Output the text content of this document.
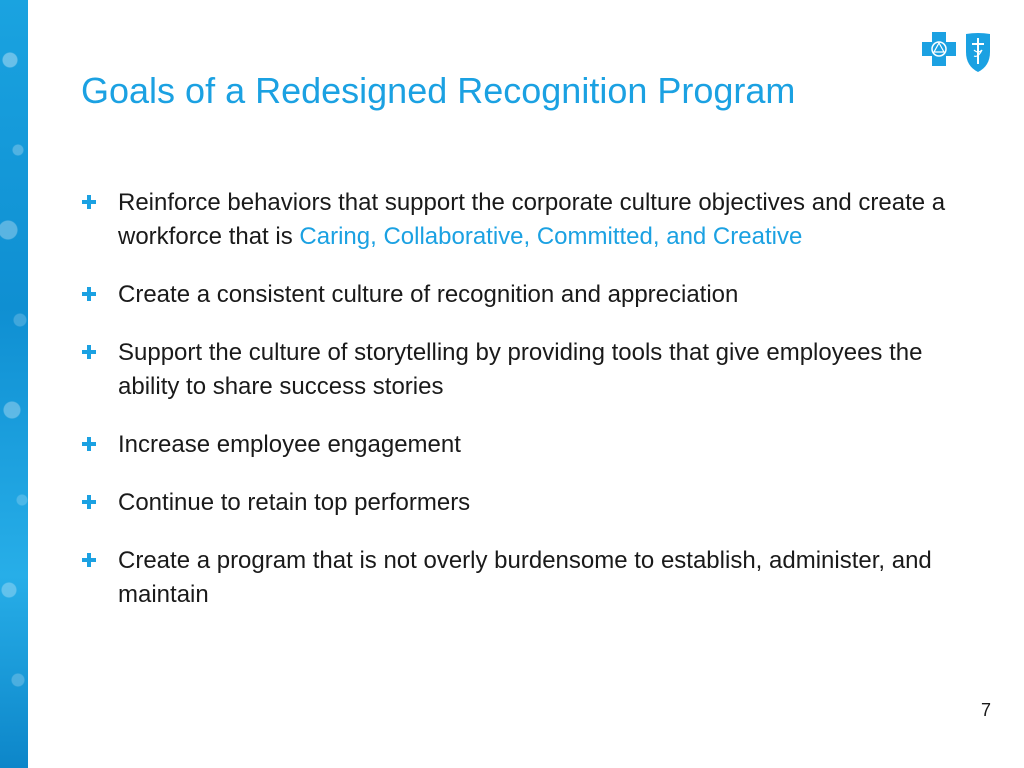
Goals of a Redesigned Recognition Program
Reinforce behaviors that support the corporate culture objectives and create a workforce that is Caring, Collaborative, Committed, and Creative
Create a consistent culture of recognition and appreciation
Support the culture of storytelling by providing tools that give employees the ability to share success stories
Increase employee engagement
Continue to retain top performers
Create a program that is not overly burdensome to establish, administer, and maintain
7
